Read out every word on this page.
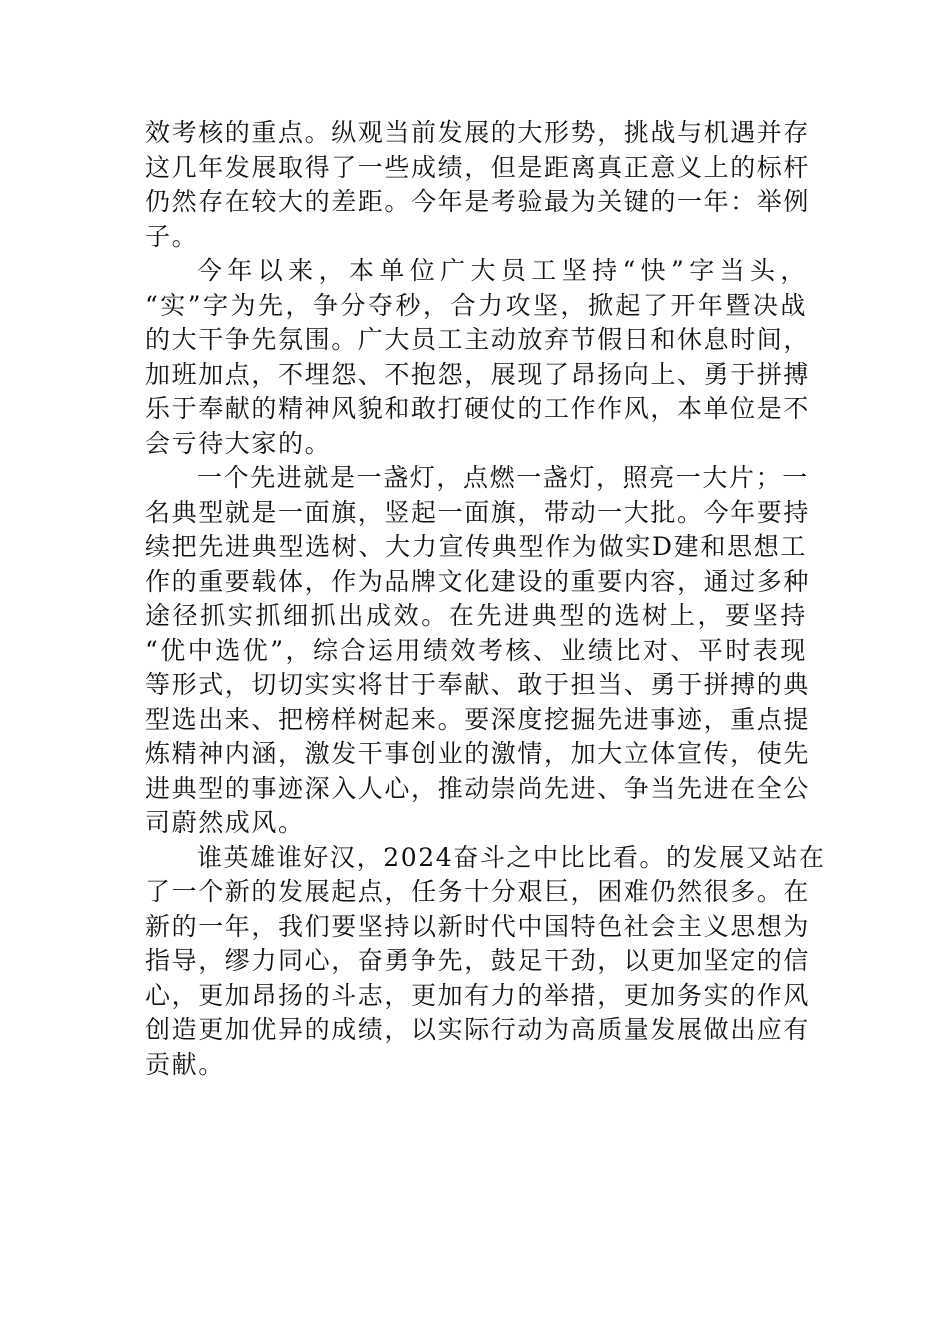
效考核的重点。纵观当前发展的大形势，挑战与机遇并存
这几年发展取得了一些成绩，但是距离真正意义上的标杆
仍然存在较大的差距。今年是考验最为关键的一年：举例
子。
今年以来，本单位广大员工坚持“快”字当头，
“实”字为先，争分夺秒，合力攻坚，掀起了开年暨决战
的大干争先氛围。广大员工主动放弃节假日和休息时间，
加班加点，不埋怨、不抱怨，展现了昂扬向上、勇于拼搏
乐于奉献的精神风貌和敢打硬仗的工作作风，本单位是不
会亏待大家的。
一个先进就是一盏灯，点燃一盏灯，照亮一大片；一
名典型就是一面旗，竖起一面旗，带动一大批。今年要持
续把先进典型选树、大力宣传典型作为做实D建和思想工
作的重要载体，作为品牌文化建设的重要内容，通过多种
途径抓实抓细抓出成效。在先进典型的选树上，要坚持
“优中选优”，综合运用绩效考核、业绩比对、平时表现
等形式，切切实实将甘于奉献、敢于担当、勇于拼搏的典
型选出来、把榜样树起来。要深度挖掘先进事迹，重点提
炼精神内涵，激发干事创业的激情，加大立体宣传，使先
进典型的事迹深入人心，推动崇尚先进、争当先进在全公
司蔚然成风。
谁英雄谁好汉，2024奋斗之中比比看。的发展又站在
了一个新的发展起点，任务十分艰巨，困难仍然很多。在
新的一年，我们要坚持以新时代中国特色社会主义思想为
指导，缪力同心，奋勇争先，鼓足干劲，以更加坚定的信
心，更加昂扬的斗志，更加有力的举措，更加务实的作风
创造更加优异的成绩，以实际行动为高质量发展做出应有
贡献。
